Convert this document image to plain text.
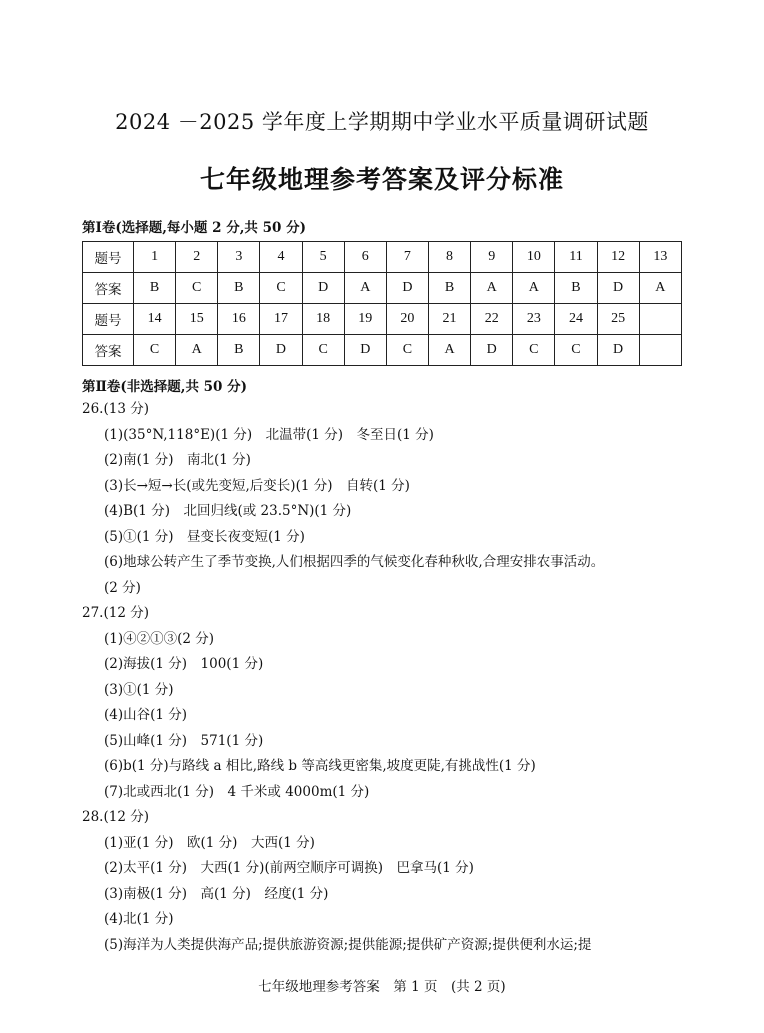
2024 －2025 学年度上学期期中学业水平质量调研试题
七年级地理参考答案及评分标准
第Ⅰ卷(选择题,每小题 2 分,共 50 分)
题号	1	2	3	4	5	6	7	8	9	10	11	12	13
答案	B	C	B	C	D	A	D	B	A	A	B	D	A
题号	14	15	16	17	18	19	20	21	22	23	24	25	
答案	C	A	B	D	C	D	C	A	D	C	C	D	
第Ⅱ卷(非选择题,共 50 分)
26.(13 分)
(1)(35°N,118°E)(1 分)　北温带(1 分)　冬至日(1 分)
(2)南(1 分)　南北(1 分)
(3)长→短→长(或先变短,后变长)(1 分)　自转(1 分)
(4)B(1 分)　北回归线(或 23.5°N)(1 分)
(5)①(1 分)　昼变长夜变短(1 分)
(6)地球公转产生了季节变换,人们根据四季的气候变化春种秋收,合理安排农事活动。
(2 分)
27.(12 分)
(1)④②①③(2 分)
(2)海拔(1 分)　100(1 分)
(3)①(1 分)
(4)山谷(1 分)
(5)山峰(1 分)　571(1 分)
(6)b(1 分)与路线 a 相比,路线 b 等高线更密集,坡度更陡,有挑战性(1 分)
(7)北或西北(1 分)　4 千米或 4000m(1 分)
28.(12 分)
(1)亚(1 分)　欧(1 分)　大西(1 分)
(2)太平(1 分)　大西(1 分)(前两空顺序可调换)　巴拿马(1 分)
(3)南极(1 分)　高(1 分)　经度(1 分)
(4)北(1 分)
(5)海洋为人类提供海产品;提供旅游资源;提供能源;提供矿产资源;提供便利水运;提
七年级地理参考答案　第 1 页　(共 2 页)
